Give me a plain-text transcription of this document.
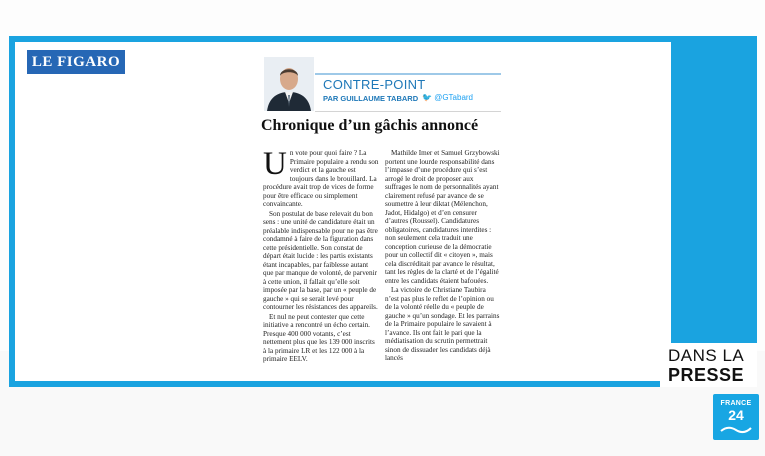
LE FIGARO
CONTRE-POINT
PAR GUILLAUME TABARD 🐦 @GTabard
Chronique d’un gâchis annoncé
U n vote pour quoi faire ? La Primaire populaire a rendu son verdict et la gauche est toujours dans le brouillard. La procédure avait trop de vices de forme pour être efficace ou simplement convaincante.

Son postulat de base relevait du bon sens : une unité de candidature était un préalable indispensable pour ne pas être condamné à faire de la figuration dans cette présidentielle. Son constat de départ était lucide : les partis existants étant incapables, par faiblesse autant que par manque de volonté, de parvenir à cette union, il fallait qu’elle soit imposée par la base, par un « peuple de gauche » qui se serait levé pour contourner les résistances des appareils.

Et nul ne peut contester que cette initiative a rencontré un écho certain. Presque 400 000 votants, c’est nettement plus que les 139 000 inscrits à la primaire LR et les 122 000 à la primaire EELV.

Mathilde Imer et Samuel Grzybowski portent une lourde responsabilité dans l’impasse d’une procédure qui s’est arrogé le droit de proposer aux suffrages le nom de personnalités ayant clairement refusé par avance de se soumettre à leur diktat (Mélenchon, Jadot, Hidalgo) et d’en censurer d’autres (Roussel). Candidatures obligatoires, candidatures interdites : non seulement cela traduit une conception curieuse de la démocratie pour un collectif dit « citoyen », mais cela discréditait par avance le résultat, tant les règles de la clarté et de l’égalité entre les candidats étaient bafouées.

La victoire de Christiane Taubira n’est pas plus le reflet de l’opinion ou de la volonté réelle du « peuple de gauche » qu’un sondage. Et les parrains de la Primaire populaire le savaient à l’avance. Ils ont fait le pari que la médiatisation du scrutin permettrait sinon de dissuader les candidats déjà lancés	DANS LA
PRESSE
FRANCE
24
